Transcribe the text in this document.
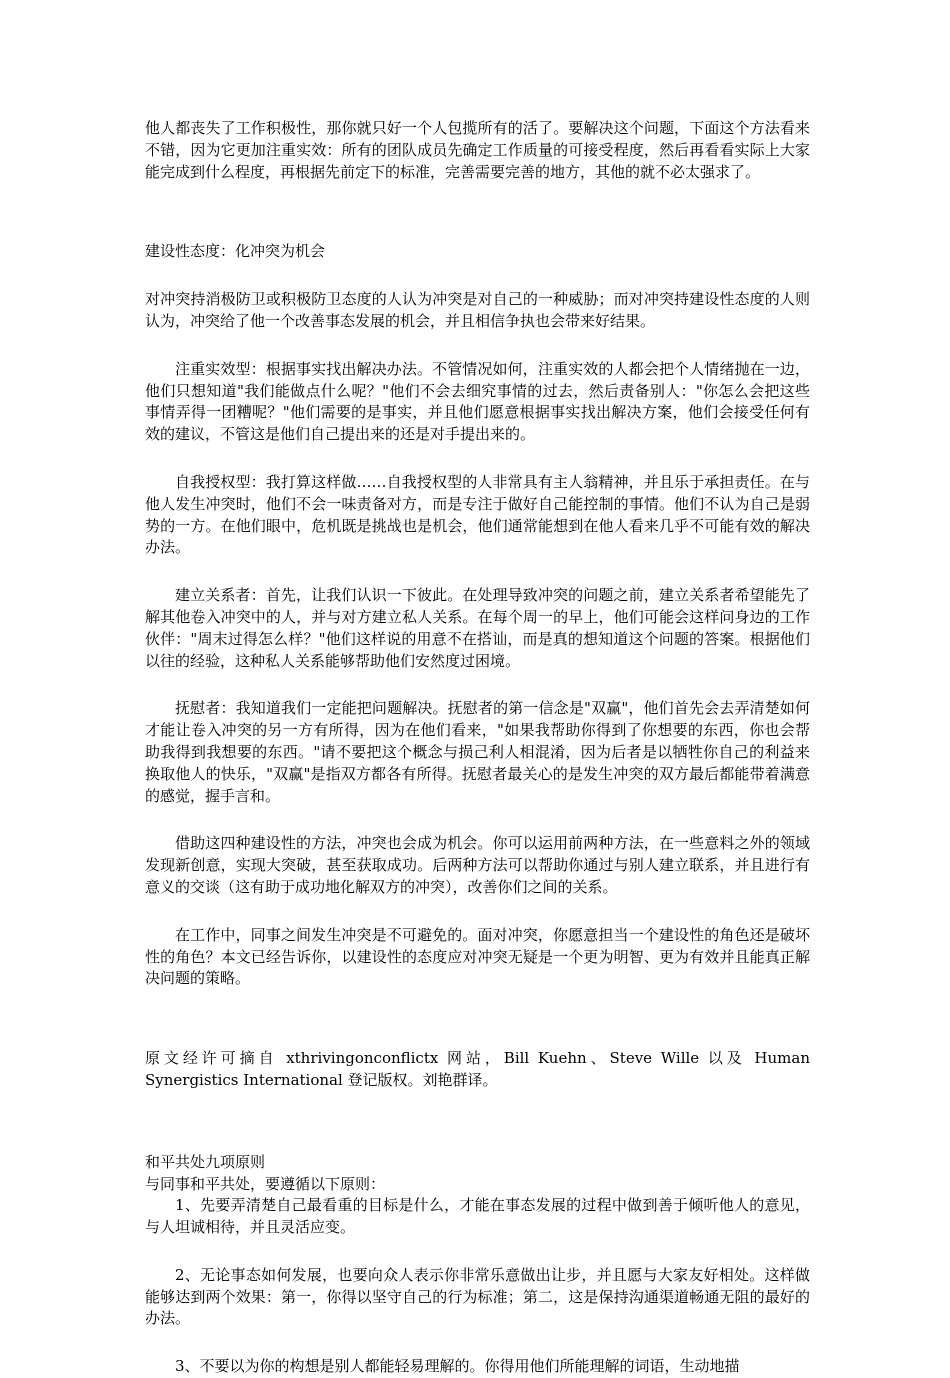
他人都丧失了工作积极性，那你就只好一个人包揽所有的活了。要解决这个问题，下面这个方法看来不错，因为它更加注重实效：所有的团队成员先确定工作质量的可接受程度，然后再看看实际上大家能完成到什么程度，再根据先前定下的标准，完善需要完善的地方，其他的就不必太强求了。

建设性态度：化冲突为机会

对冲突持消极防卫或积极防卫态度的人认为冲突是对自己的一种威胁；而对冲突持建设性态度的人则认为，冲突给了他一个改善事态发展的机会，并且相信争执也会带来好结果。

注重实效型：根据事实找出解决办法。不管情况如何，注重实效的人都会把个人情绪抛在一边，他们只想知道"我们能做点什么呢？"他们不会去细究事情的过去，然后责备别人："你怎么会把这些事情弄得一团糟呢？"他们需要的是事实，并且他们愿意根据事实找出解决方案，他们会接受任何有效的建议，不管这是他们自己提出来的还是对手提出来的。

自我授权型：我打算这样做……自我授权型的人非常具有主人翁精神，并且乐于承担责任。在与他人发生冲突时，他们不会一味责备对方，而是专注于做好自己能控制的事情。他们不认为自己是弱势的一方。在他们眼中，危机既是挑战也是机会，他们通常能想到在他人看来几乎不可能有效的解决办法。

建立关系者：首先，让我们认识一下彼此。在处理导致冲突的问题之前，建立关系者希望能先了解其他卷入冲突中的人，并与对方建立私人关系。在每个周一的早上，他们可能会这样问身边的工作伙伴："周末过得怎么样？"他们这样说的用意不在搭讪，而是真的想知道这个问题的答案。根据他们以往的经验，这种私人关系能够帮助他们安然度过困境。

抚慰者：我知道我们一定能把问题解决。抚慰者的第一信念是"双赢"，他们首先会去弄清楚如何才能让卷入冲突的另一方有所得，因为在他们看来，"如果我帮助你得到了你想要的东西，你也会帮助我得到我想要的东西。"请不要把这个概念与损己利人相混淆，因为后者是以牺牲你自己的利益来换取他人的快乐，"双赢"是指双方都各有所得。抚慰者最关心的是发生冲突的双方最后都能带着满意的感觉，握手言和。

借助这四种建设性的方法，冲突也会成为机会。你可以运用前两种方法，在一些意料之外的领域发现新创意，实现大突破，甚至获取成功。后两种方法可以帮助你通过与别人建立联系，并且进行有意义的交谈（这有助于成功地化解双方的冲突），改善你们之间的关系。

在工作中，同事之间发生冲突是不可避免的。面对冲突，你愿意担当一个建设性的角色还是破坏性的角色？本文已经告诉你，以建设性的态度应对冲突无疑是一个更为明智、更为有效并且能真正解决问题的策略。

原文经许可摘自 xthrivingonconflictx 网站，Bill Kuehn、Steve Wille 以及 Human Synergistics International 登记版权。刘艳群译。

和平共处九项原则

与同事和平共处，要遵循以下原则：

1、先要弄清楚自己最看重的目标是什么，才能在事态发展的过程中做到善于倾听他人的意见，与人坦诚相待，并且灵活应变。

2、无论事态如何发展，也要向众人表示你非常乐意做出让步，并且愿与大家友好相处。这样做能够达到两个效果：第一，你得以坚守自己的行为标准；第二，这是保持沟通渠道畅通无阻的最好的办法。

3、不要以为你的构想是别人都能轻易理解的。你得用他们所能理解的词语，生动地描
